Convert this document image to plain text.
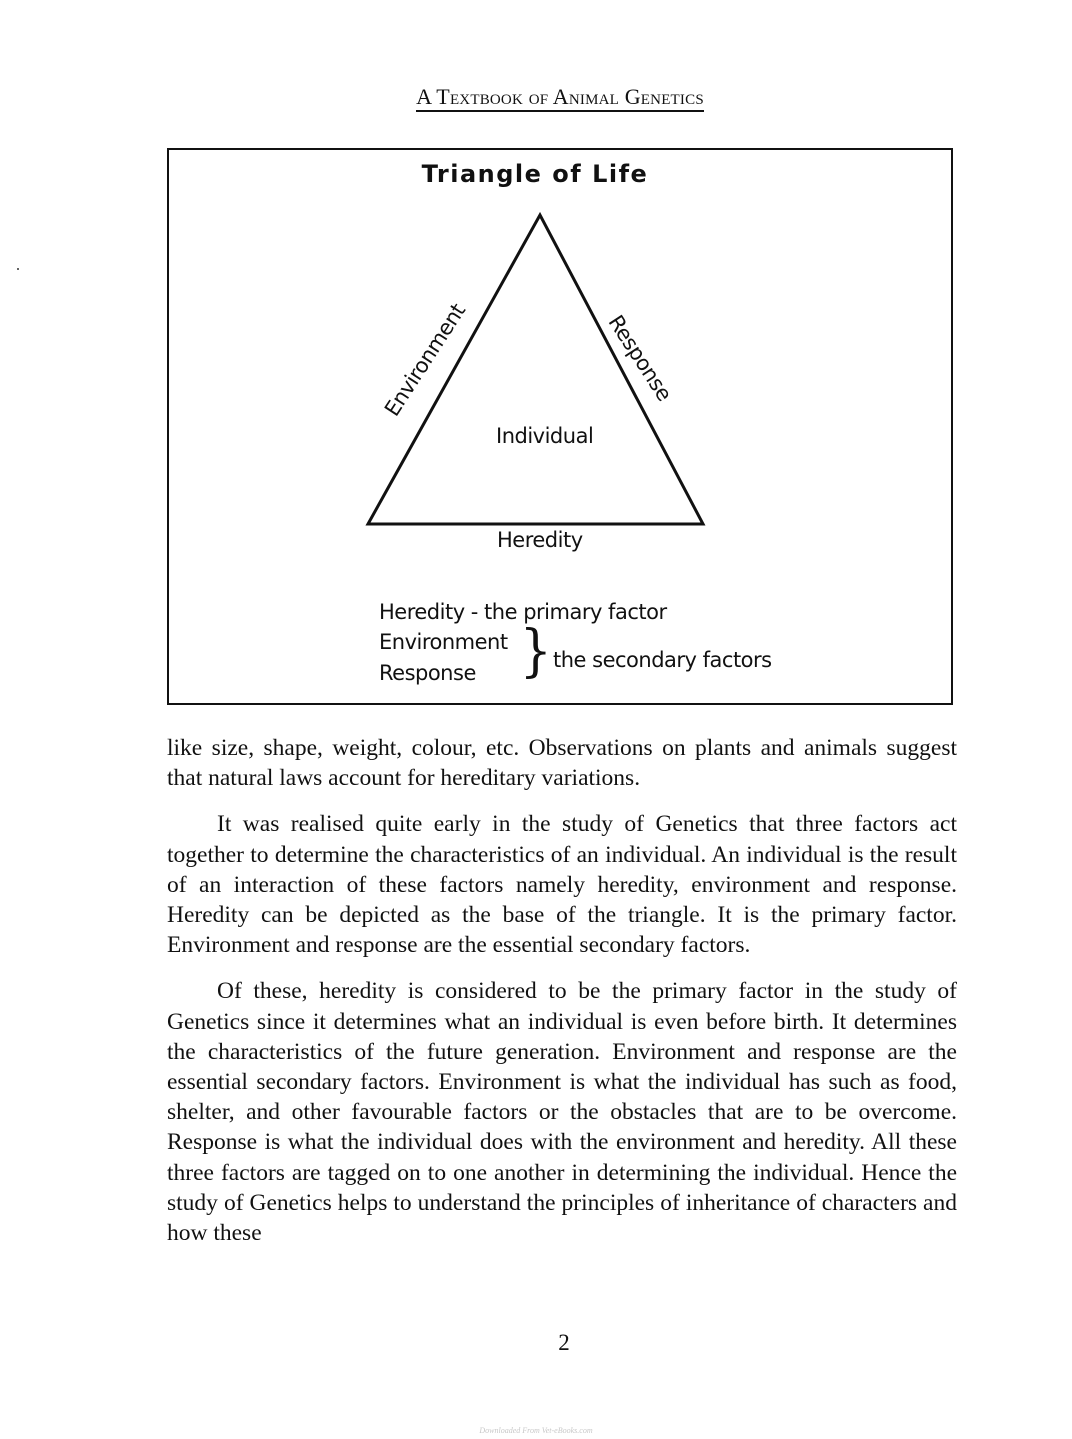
A Textbook of Animal Genetics
Triangle of Life
Environment	Response
Individual
Heredity
Heredity - the primary factor
Environment
Response } the secondary factors

like size, shape, weight, colour, etc. Observations on plants and animals suggest that natural laws account for hereditary variations.

It was realised quite early in the study of Genetics that three factors act together to determine the characteristics of an individual. An individual is the result of an interaction of these factors namely heredity, environment and response. Heredity can be depicted as the base of the triangle. It is the primary factor. Environment and response are the essential secondary factors.

Of these, heredity is considered to be the primary factor in the study of Genetics since it determines what an individual is even before birth. It determines the characteristics of the future generation. Environment and response are the essential secondary factors. Environment is what the individual has such as food, shelter, and other favourable factors or the obstacles that are to be overcome. Response is what the individual does with the environment and heredity. All these three factors are tagged on to one another in determining the individual. Hence the study of Genetics helps to understand the principles of inheritance of characters and how these

2
Downloaded From Vet-eBooks.com
